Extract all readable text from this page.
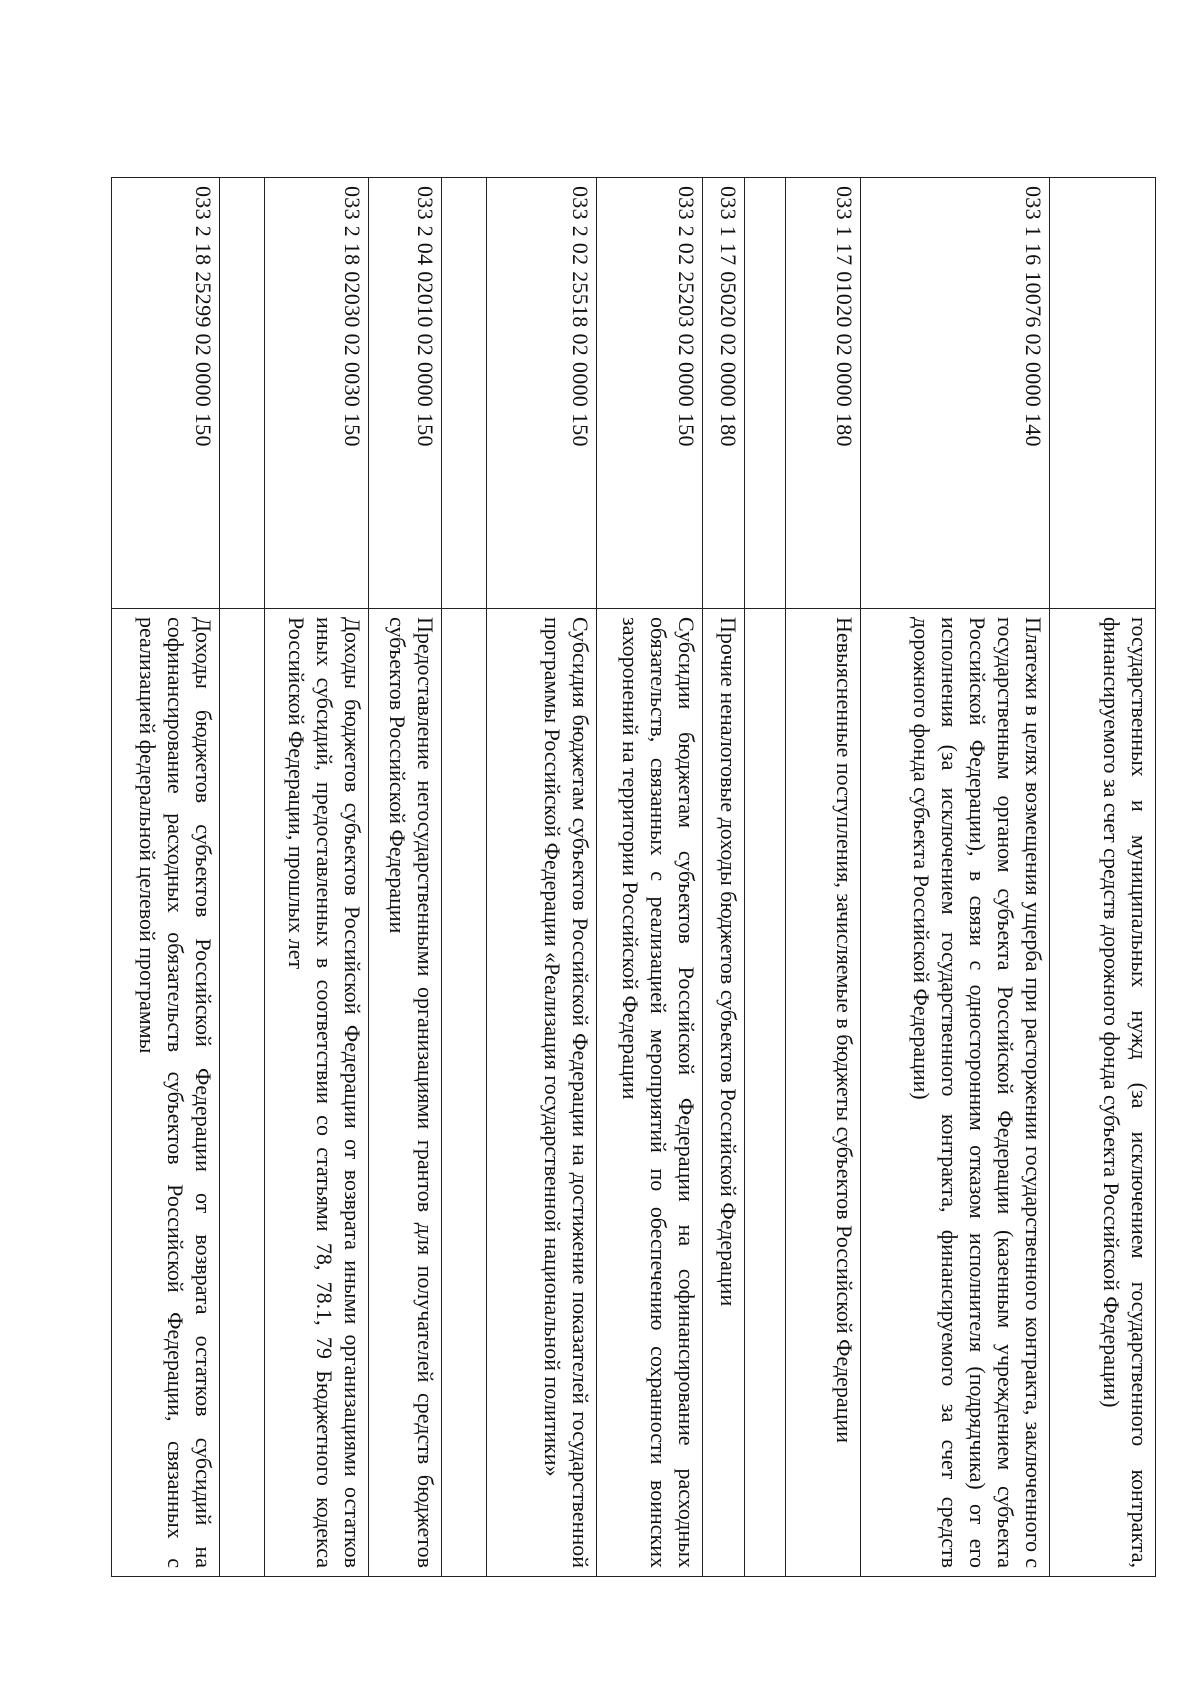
	государственных и муниципальных нужд (за исключением государственного контракта, финансируемого за счет средств дорожного фонда субъекта Российской Федерации)
033 1 16 10076 02 0000 140	Платежи в целях возмещения ущерба при расторжении государственного контракта, заключенного с государственным органом субъекта Российской Федерации (казенным учреждением субъекта Российской Федерации), в связи с односторонним отказом исполнителя (подрядчика) от его исполнения (за исключением государственного контракта, финансируемого за счет средств дорожного фонда субъекта Российской Федерации)
033 1 17 01020 02 0000 180	Невыясненные поступления, зачисляемые в бюджеты субъектов Российской Федерации

033 1 17 05020 02 0000 180	Прочие неналоговые доходы бюджетов субъектов Российской Федерации
033 2 02 25203 02 0000 150	Субсидии бюджетам субъектов Российской Федерации на софинансирование расходных обязательств, связанных с реализацией мероприятий по обеспечению сохранности воинских захоронений на территории Российской Федерации
033 2 02 25518 02 0000 150	Субсидия бюджетам субъектов Российской Федерации на достижение показателей государственной программы Российской Федерации «Реализация государственной национальной политики»

033 2 04 02010 02 0000 150	Предоставление негосударственными организациями грантов для получателей средств бюджетов субъектов Российской Федерации
033 2 18 02030 02 0030 150	Доходы бюджетов субъектов Российской Федерации от возврата иными организациями остатков иных субсидий, предоставленных в соответствии со статьями 78, 78.1, 79 Бюджетного кодекса Российской Федерации, прошлых лет

033 2 18 25299 02 0000 150	Доходы бюджетов субъектов Российской Федерации от возврата остатков субсидий на софинансирование расходных обязательств субъектов Российской Федерации, связанных с реализацией федеральной целевой программы
